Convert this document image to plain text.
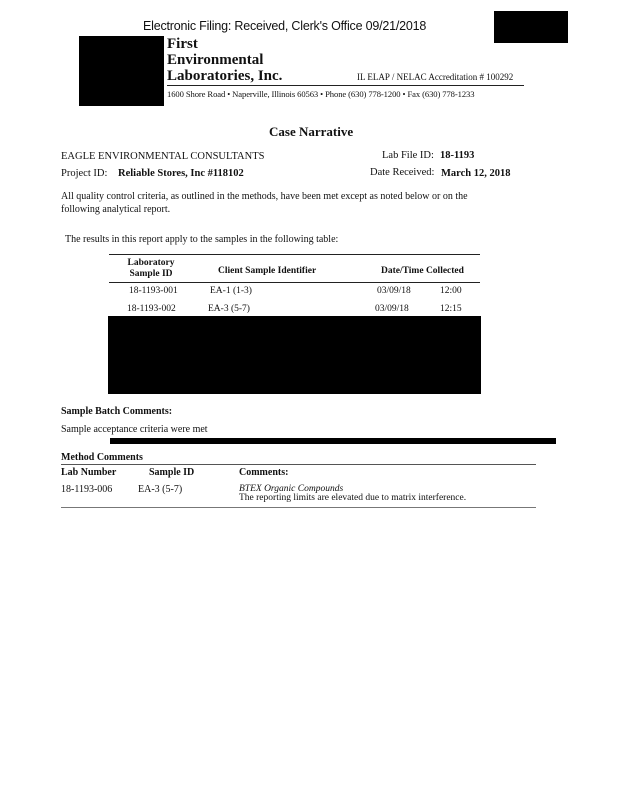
Electronic Filing: Received, Clerk's Office 09/21/2018
First
Environmental
Laboratories, Inc.	IL ELAP / NELAC Accreditation # 100292
1600 Shore Road • Naperville, Illinois 60563 • Phone (630) 778-1200 • Fax (630) 778-1233
Case Narrative
EAGLE ENVIRONMENTAL CONSULTANTS	Lab File ID: 18-1193
Project ID: Reliable Stores, Inc #118102	Date Received: March 12, 2018
All quality control criteria, as outlined in the methods, have been met except as noted below or on the
following analytical report.
The results in this report apply to the samples in the following table:
Laboratory
Sample ID	Client Sample Identifier	Date/Time Collected
18-1193-001	EA-1 (1-3)	03/09/18	12:00
18-1193-002	EA-3 (5-7)	03/09/18	12:15
Sample Batch Comments:
Sample acceptance criteria were met
Method Comments
Lab Number	Sample ID	Comments:
18-1193-006	EA-3 (5-7)	BTEX Organic Compounds
The reporting limits are elevated due to matrix interference.
